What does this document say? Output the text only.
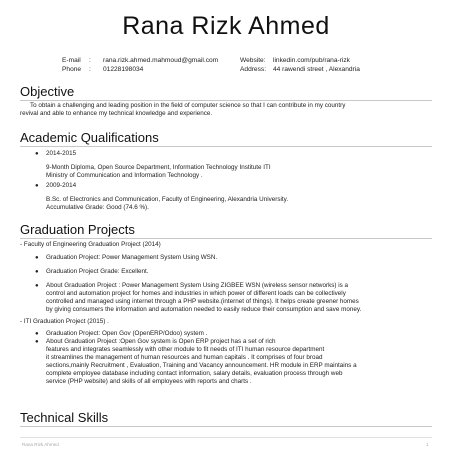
Rana Rizk Ahmed
E-mail : rana.rizk.ahmed.mahmoud@gmail.com
Phone : 01228198034
Website: linkedin.com/pub/rana-rizk
Address: 44 rawendi street , Alexandria
Objective
To obtain a challenging and leading position in the field of computer science so that I can contribute in my country
revival and able to enhance my technical knowledge and experience.
Academic Qualifications
● 2014-2015
9-Month Diploma, Open Source Department, Information Technology Institute ITI
Ministry of Communication and Information Technology .
● 2009-2014
B.Sc. of Electronics and Communication, Faculty of Engineering, Alexandria University.
Accumulative Grade: Good (74.6 %).
Graduation Projects
- Faculty of Engineering Graduation Project (2014)
● Graduation Project: Power Management System Using WSN.
● Graduation Project Grade: Excellent.
● About Graduation Project : Power Management System Using ZIGBEE WSN (wireless sensor networks) is a
control and automation project for homes and industries in which power of different loads can be collectively
controlled and managed using internet through a PHP website.(internet of things). It helps create greener homes
by giving consumers the information and automation needed to easily reduce their consumption and save money.
- ITI Graduation Project (2015) .
● Graduation Project: Open Gov (OpenERP/Odoo) system .
● About Graduation Project :Open Gov system is Open ERP project has a set of rich
features and integrates seamlessly with other module to fit needs of ITI human resource department
it streamlines the management of human resources and human capitals . It comprises of four broad
sections,mainly Recruitment , Evaluation, Training and Vacancy announcement. HR module in ERP maintains a
complete employee database including contact information, salary details, evaluation process through web
service (PHP website) and skills of all employees with reports and charts .
Technical Skills
Rana Rizk Ahmed	1
